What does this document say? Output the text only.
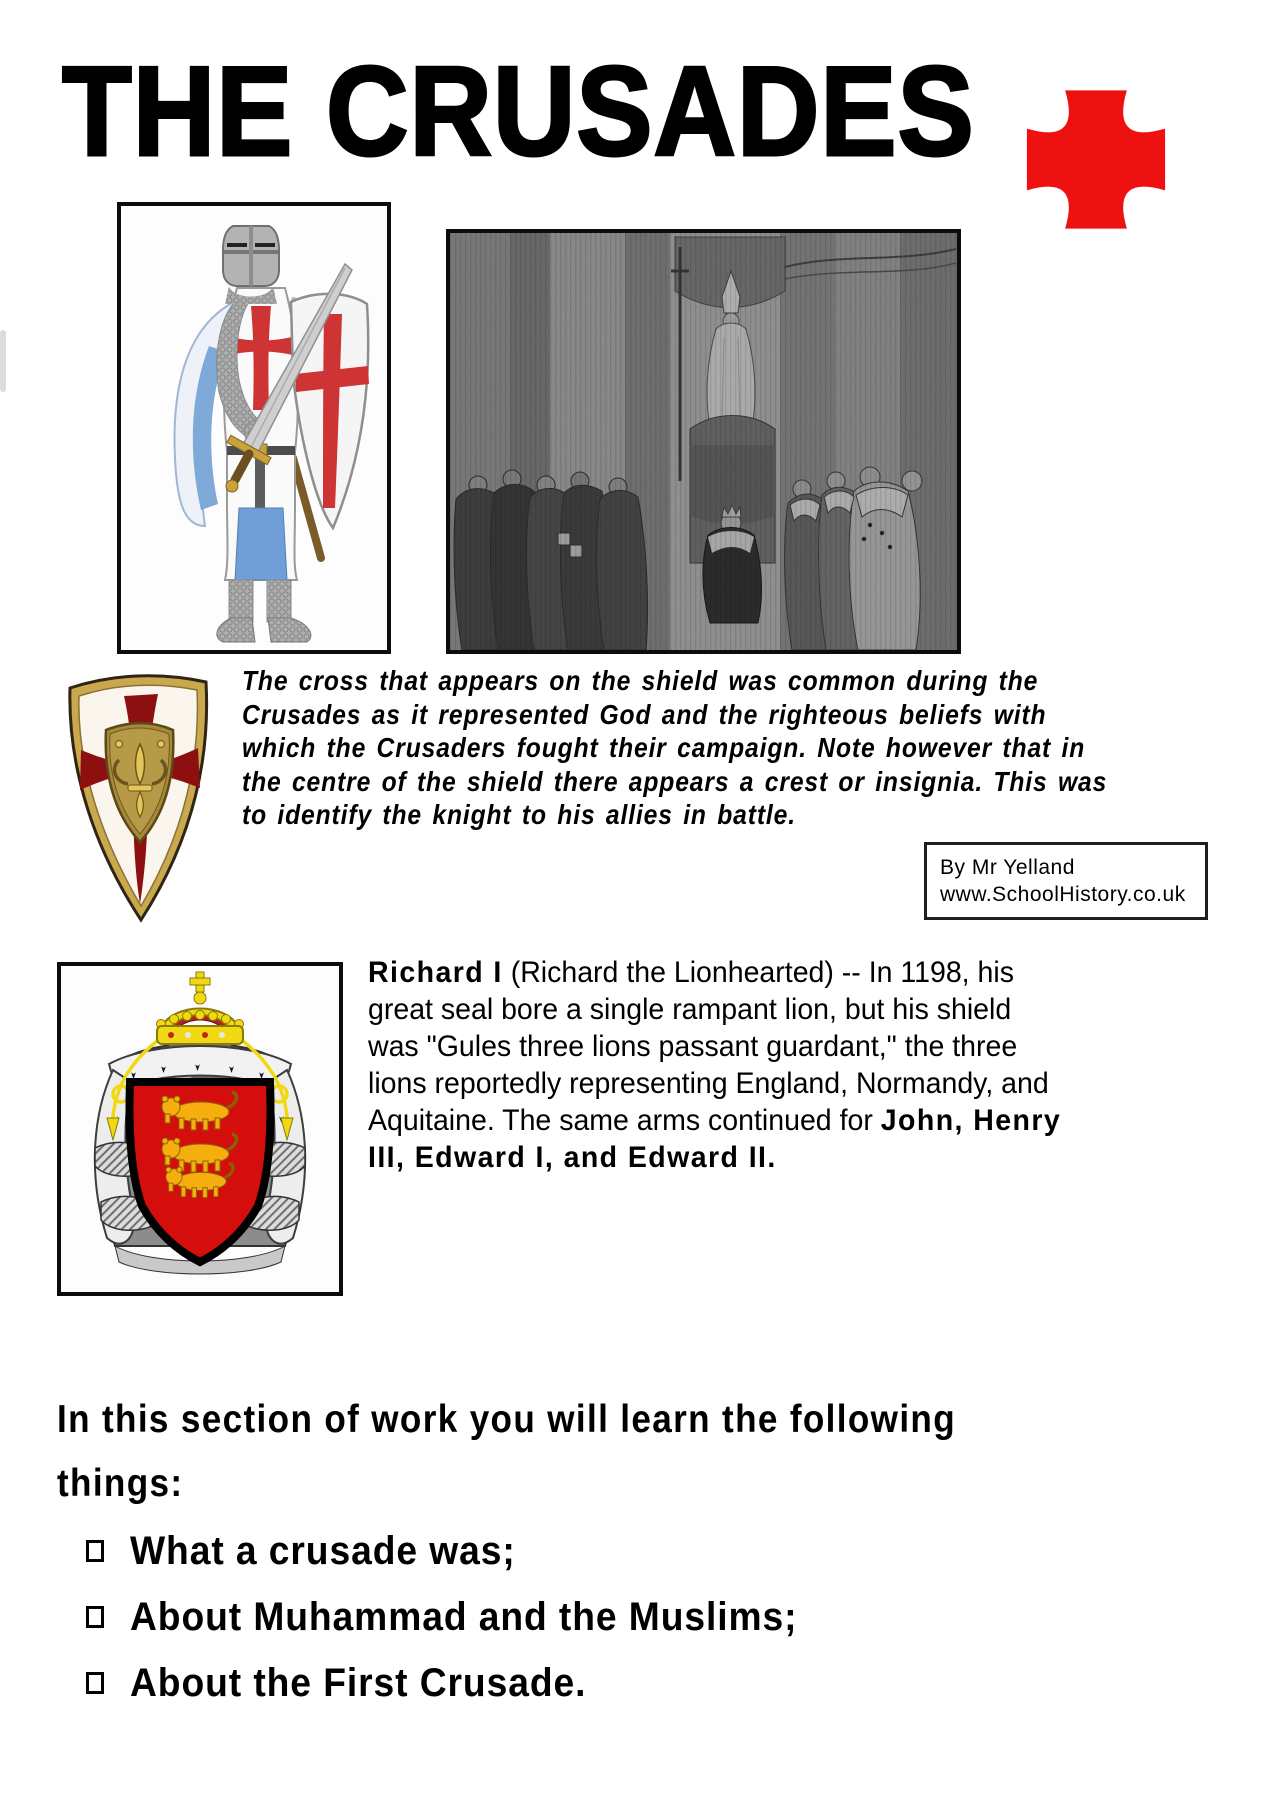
THE CRUSADES
The cross that appears on the shield was common during the
Crusades as it represented God and the righteous beliefs with
which the Crusaders fought their campaign. Note however that in
the centre of the shield there appears a crest or insignia. This was
to identify the knight to his allies in battle.
By Mr Yelland
www.SchoolHistory.co.uk
Richard I (Richard the Lionhearted) -- In 1198, his
great seal bore a single rampant lion, but his shield
was "Gules three lions passant guardant," the three
lions reportedly representing England, Normandy, and
Aquitaine. The same arms continued for John, Henry
III, Edward I, and Edward II.
In this section of work you will learn the following
things:
What a crusade was;
About Muhammad and the Muslims;
About the First Crusade.
